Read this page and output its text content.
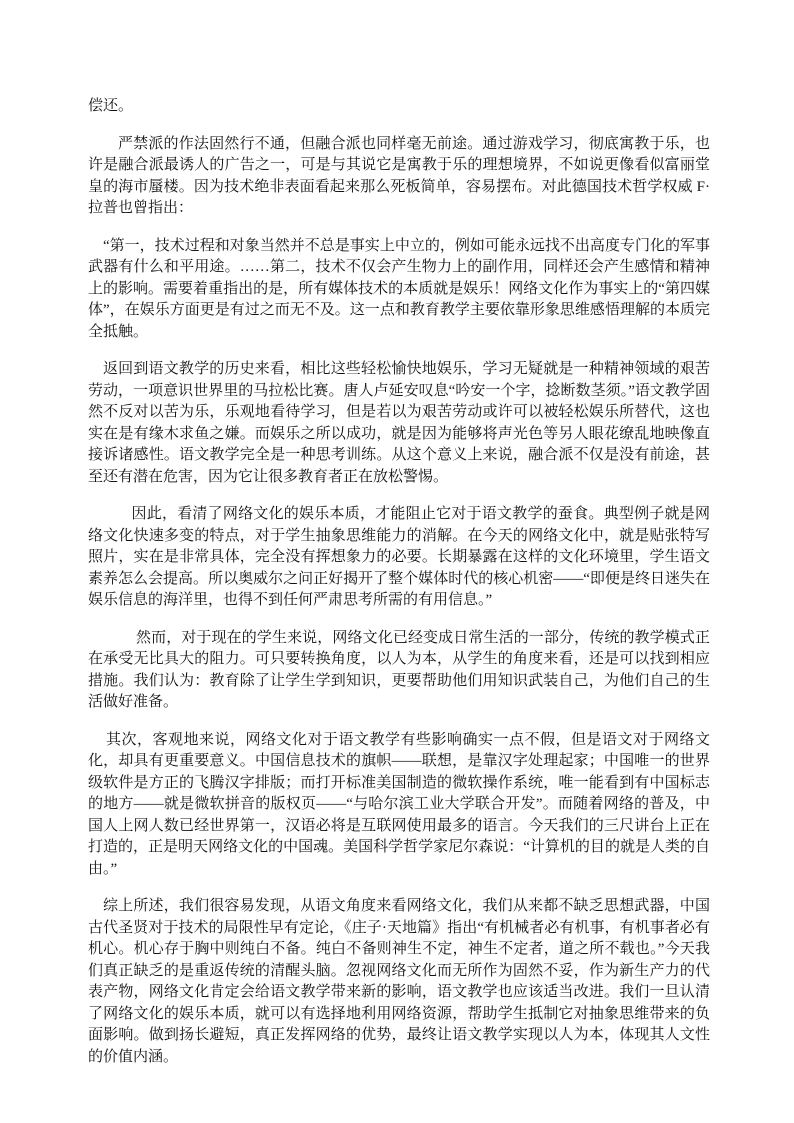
偿还。

严禁派的作法固然行不通，但融合派也同样毫无前途。通过游戏学习，彻底寓教于乐，也许是融合派最诱人的广告之一，可是与其说它是寓教于乐的理想境界，不如说更像看似富丽堂皇的海市蜃楼。因为技术绝非表面看起来那么死板简单，容易摆布。对此德国技术哲学权威 F·拉普也曾指出：

“第一，技术过程和对象当然并不总是事实上中立的，例如可能永远找不出高度专门化的军事武器有什么和平用途。……第二，技术不仅会产生物力上的副作用，同样还会产生感情和精神上的影响。需要着重指出的是，所有媒体技术的本质就是娱乐！网络文化作为事实上的“第四媒体”，在娱乐方面更是有过之而无不及。这一点和教育教学主要依靠形象思维感悟理解的本质完全抵触。

返回到语文教学的历史来看，相比这些轻松愉快地娱乐，学习无疑就是一种精神领域的艰苦劳动，一项意识世界里的马拉松比赛。唐人卢延安叹息“吟安一个字，捻断数茎须。”语文教学固然不反对以苦为乐，乐观地看待学习，但是若以为艰苦劳动或许可以被轻松娱乐所替代，这也实在是有缘木求鱼之嫌。而娱乐之所以成功，就是因为能够将声光色等另人眼花缭乱地映像直接诉诸感性。语文教学完全是一种思考训练。从这个意义上来说，融合派不仅是没有前途，甚至还有潜在危害，因为它让很多教育者正在放松警惕。

因此，看清了网络文化的娱乐本质，才能阻止它对于语文教学的蚕食。典型例子就是网络文化快速多变的特点，对于学生抽象思维能力的消解。在今天的网络文化中，就是贴张特写照片，实在是非常具体，完全没有挥想象力的必要。长期暴露在这样的文化环境里，学生语文素养怎么会提高。所以奥威尔之问正好揭开了整个媒体时代的核心机密——“即便是终日迷失在娱乐信息的海洋里，也得不到任何严肃思考所需的有用信息。”

然而，对于现在的学生来说，网络文化已经变成日常生活的一部分，传统的教学模式正在承受无比具大的阻力。可只要转换角度，以人为本，从学生的角度来看，还是可以找到相应措施。我们认为：教育除了让学生学到知识，更要帮助他们用知识武装自己，为他们自己的生活做好准备。

其次，客观地来说，网络文化对于语文教学有些影响确实一点不假，但是语文对于网络文化，却具有更重要意义。中国信息技术的旗帜——联想，是靠汉字处理起家；中国唯一的世界级软件是方正的飞腾汉字排版；而打开标准美国制造的微软操作系统，唯一能看到有中国标志的地方——就是微软拼音的版权页——“与哈尔滨工业大学联合开发”。而随着网络的普及，中国人上网人数已经世界第一，汉语必将是互联网使用最多的语言。今天我们的三尺讲台上正在打造的，正是明天网络文化的中国魂。美国科学哲学家尼尔森说：“计算机的目的就是人类的自由。”

综上所述，我们很容易发现，从语文角度来看网络文化，我们从来都不缺乏思想武器，中国古代圣贤对于技术的局限性早有定论，《庄子·天地篇》指出“有机械者必有机事，有机事者必有机心。机心存于胸中则纯白不备。纯白不备则神生不定，神生不定者，道之所不载也。”今天我们真正缺乏的是重返传统的清醒头脑。忽视网络文化而无所作为固然不妥，作为新生产力的代表产物，网络文化肯定会给语文教学带来新的影响，语文教学也应该适当改进。我们一旦认清了网络文化的娱乐本质，就可以有选择地利用网络资源，帮助学生抵制它对抽象思维带来的负面影响。做到扬长避短，真正发挥网络的优势，最终让语文教学实现以人为本，体现其人文性的价值内涵。
